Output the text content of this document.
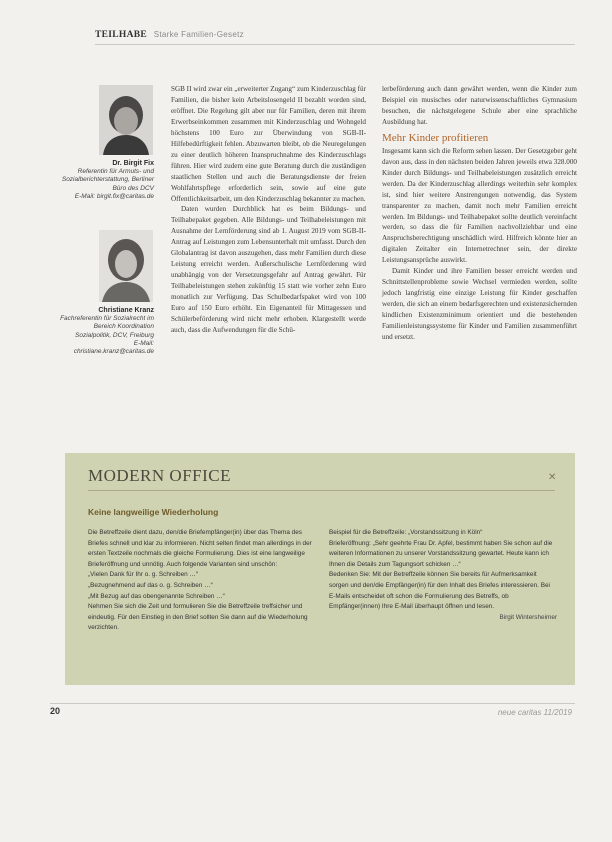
TEILHABE Starke Familien-Gesetz
Dr. Birgit Fix
Referentin für Armuts- und Sozialberichterstattung, Berliner Büro des DCV
E-Mail: birgit.fix@caritas.de
Christiane Kranz
Fachreferentin für Sozialrecht im Bereich Koordination Sozialpolitik, DCV, Freiburg
E-Mail: christiane.kranz@caritas.de

SGB II wird zwar ein „erweiterter Zugang“ zum Kinderzuschlag für Familien, die bisher kein Arbeitslosengeld II bezahlt worden sind, eröffnet. Die Regelung gilt aber nur für Familien, deren mit ihrem Erwerbseinkommen zusammen mit Kinderzuschlag und Wohngeld höchstens 100 Euro zur Überwindung von SGB-II-Hilfebedürftigkeit fehlen. Abzuwarten bleibt, ob die Neuregelungen zu einer deutlich höheren Inanspruchnahme des Kinderzuschlags führen. Hier wird zudem eine gute Beratung durch die zuständigen staatlichen Stellen und auch die Beratungsdienste der freien Wohlfahrtspflege erforderlich sein, sowie auf eine gute Öffentlichkeitsarbeit, um den Kinderzuschlag bekannter zu machen.

Daten wurden Durchblick hat es beim Bildungs- und Teilhabepaket gegeben. Alle Bildungs- und Teilhabeleistungen mit Ausnahme der Lernförderung sind ab 1. August 2019 vom SGB-II-Antrag auf Leistungen zum Lebensunterhalt mit umfasst. Durch den Globalantrag ist davon auszugehen, dass mehr Familien durch diese Leistung erreicht werden. Außerschulische Lernförderung wird unabhängig von der Versetzungsgefahr auf Antrag gewährt. Für Teilhabeleistungen stehen zukünftig 15 statt wie vorher zehn Euro monatlich zur Verfügung. Das Schulbedarfspaket wird von 100 Euro auf 150 Euro erhöht. Ein Eigenanteil für Mittagessen und Schülerbeförderung wird nicht mehr erhoben. Klargestellt werde auch, dass die Aufwendungen für die Schü-

lerbeförderung auch dann gewährt werden, wenn die Kinder zum Beispiel ein musisches oder naturwissenschaftliches Gymnasium besuchen, die nächstgelegene Schule aber eine sprachliche Ausbildung hat.

Mehr Kinder profitieren

Insgesamt kann sich die Reform sehen lassen. Der Gesetzgeber geht davon aus, dass in den nächsten beiden Jahren jeweils etwa 328.000 Kinder durch Bildungs- und Teilhabeleistungen zusätzlich erreicht werden. Da der Kinderzuschlag allerdings weiterhin sehr komplex ist, sind hier weitere Anstrengungen notwendig, das System transparenter zu machen, damit noch mehr Familien erreicht werden. Im Bildungs- und Teilhabepaket sollte deutlich vereinfacht werden, so dass die für Familien nachvollziehbar und eine Anspruchsberechtigung unschädlich wird. Hilfreich könnte hier an digitalen Zeitalter ein Internetrechner sein, der direkte Leistungsansprüche auswirkt.

Damit Kinder und ihre Familien besser erreicht werden und Schnittstellenprobleme sowie Wechsel vermieden werden, sollte jedoch langfristig eine einzige Leistung für Kinder geschaffen werden, die sich an einem bedarfsgerechten und existenzsichernden kindlichen Existenzminimum orientiert und die bestehenden Familienleistungssysteme für Kinder und Familien zusammenführt und ersetzt.

MODERN OFFICE	✕
Keine langweilige Wiederholung

Die Betreffzeile dient dazu, den/die Briefempfänger(in) über das Thema des Briefes schnell und klar zu informieren. Nicht selten findet man allerdings in der ersten Textzeile nochmals die gleiche Formulierung. Dies ist eine langweilige Brieferöffnung und unnötig. Auch folgende Varianten sind unschön:

„Vielen Dank für Ihr o. g. Schreiben …“

„Bezugnehmend auf das o. g. Schreiben …“

„Mit Bezug auf das obengenannte Schreiben …“

Nehmen Sie sich die Zeit und formulieren Sie die Betreffzeile treffsicher und eindeutig. Für den Einstieg in den Brief sollten Sie dann auf die Wiederholung verzichten.

Beispiel für die Betreffzeile: „Vorstandssitzung in Köln“

Brieferöffnung: „Sehr geehrte Frau Dr. Apfel, bestimmt haben Sie schon auf die weiteren Informationen zu unserer Vorstandssitzung gewartet. Heute kann ich Ihnen die Details zum Tagungsort schicken …“

Bedenken Sie: Mit der Betreffzeile können Sie bereits für Aufmerksamkeit sorgen und den/die Empfänger(in) für den Inhalt des Briefes interessieren. Bei E-Mails entscheidet oft schon die Formulierung des Betreffs, ob Empfänger(innen) Ihre E-Mail überhaupt öffnen und lesen.

Birgit Wintersheimer
20	neue caritas 11/2019
